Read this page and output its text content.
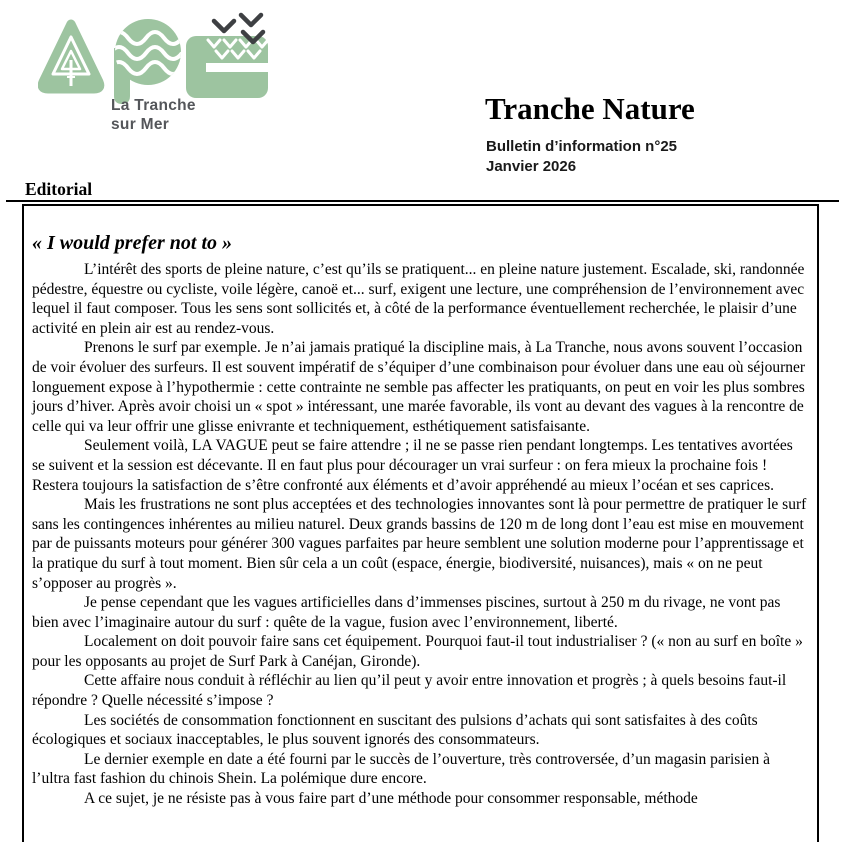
La Tranche
sur Mer	Tranche Nature
Bulletin d’information n°25
Janvier 2026
Editorial
« I would prefer not to »

L’intérêt des sports de pleine nature, c’est qu’ils se pratiquent... en pleine nature justement. Escalade, ski, randonnée pédestre, équestre ou cycliste, voile légère, canoë et... surf, exigent une lecture, une compréhension de l’environnement avec lequel il faut composer. Tous les sens sont sollicités et, à côté de la performance éventuellement recherchée, le plaisir d’une activité en plein air est au rendez-vous.

Prenons le surf par exemple. Je n’ai jamais pratiqué la discipline mais, à La Tranche, nous avons souvent l’occasion de voir évoluer des surfeurs. Il est souvent impératif de s’équiper d’une combinaison pour évoluer dans une eau où séjourner longuement expose à l’hypothermie : cette contrainte ne semble pas affecter les pratiquants, on peut en voir les plus sombres jours d’hiver. Après avoir choisi un « spot » intéressant, une marée favorable, ils vont au devant des vagues à la rencontre de celle qui va leur offrir une glisse enivrante et techniquement, esthétiquement satisfaisante.

Seulement voilà, LA VAGUE peut se faire attendre ; il ne se passe rien pendant longtemps. Les tentatives avortées se suivent et la session est décevante. Il en faut plus pour décourager un vrai surfeur : on fera mieux la prochaine fois ! Restera toujours la satisfaction de s’être confronté aux éléments et d’avoir appréhendé au mieux l’océan et ses caprices.

Mais les frustrations ne sont plus acceptées et des technologies innovantes sont là pour permettre de pratiquer le surf sans les contingences inhérentes au milieu naturel. Deux grands bassins de 120 m de long dont l’eau est mise en mouvement par de puissants moteurs pour générer 300 vagues parfaites par heure semblent une solution moderne pour l’apprentissage et la pratique du surf à tout moment. Bien sûr cela a un coût (espace, énergie, biodiversité, nuisances), mais « on ne peut s’opposer au progrès ».

Je pense cependant que les vagues artificielles dans d’immenses piscines, surtout à 250 m du rivage, ne vont pas bien avec l’imaginaire autour du surf : quête de la vague, fusion avec l’environnement, liberté.

Localement on doit pouvoir faire sans cet équipement. Pourquoi faut-il tout industrialiser ? (« non au surf en boîte » pour les opposants au projet de Surf Park à Canéjan, Gironde).

Cette affaire nous conduit à réfléchir au lien qu’il peut y avoir entre innovation et progrès ; à quels besoins faut-il répondre ? Quelle nécessité s’impose ?

Les sociétés de consommation fonctionnent en suscitant des pulsions d’achats qui sont satisfaites à des coûts écologiques et sociaux inacceptables, le plus souvent ignorés des consommateurs.

Le dernier exemple en date a été fourni par le succès de l’ouverture, très controversée, d’un magasin parisien à l’ultra fast fashion du chinois Shein. La polémique dure encore.

A ce sujet, je ne résiste pas à vous faire part d’une méthode pour consommer responsable, méthode
